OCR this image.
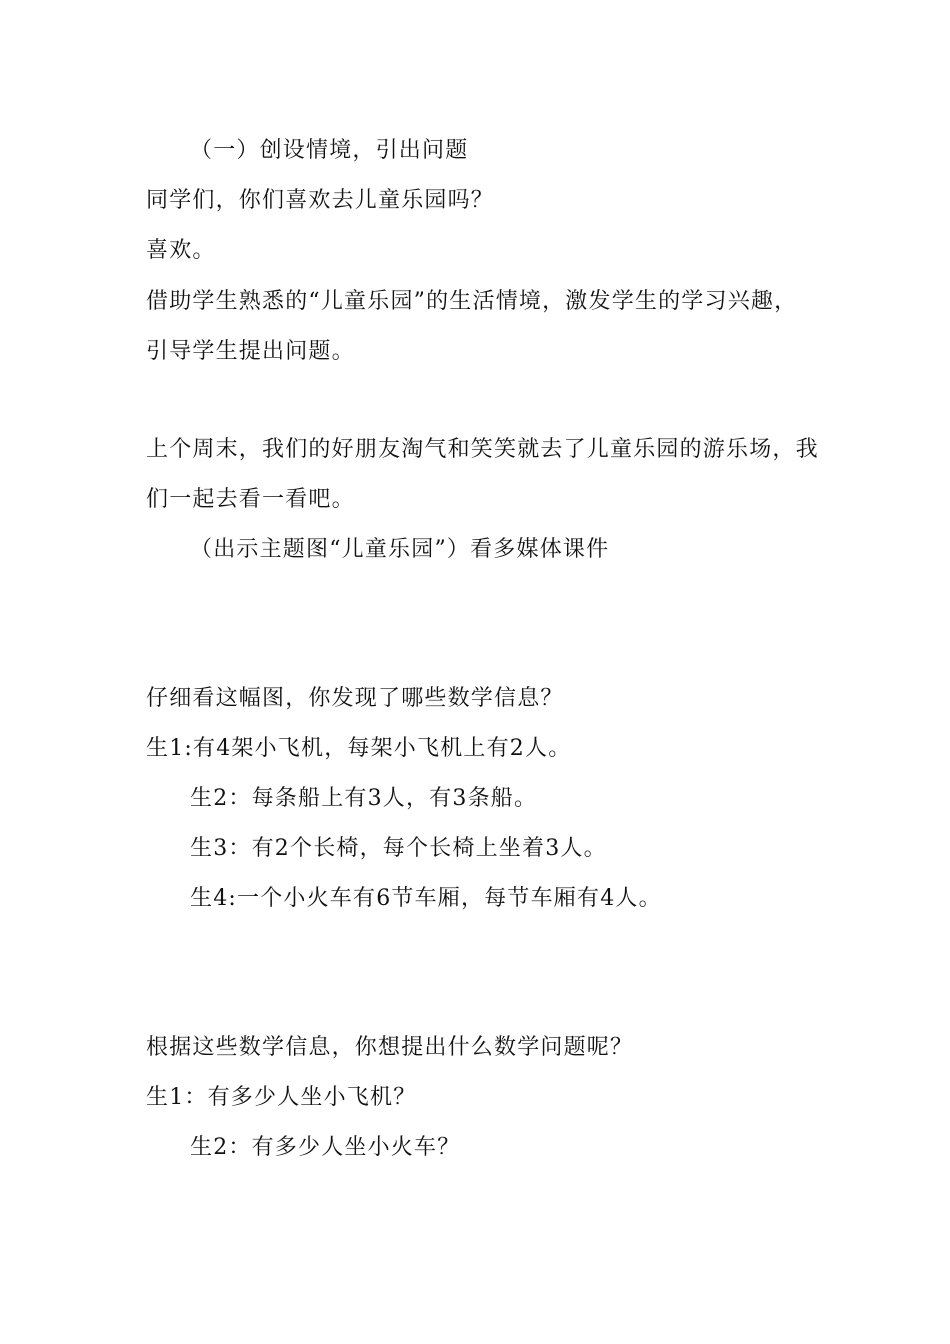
（一）创设情境，引出问题
同学们，你们喜欢去儿童乐园吗？
喜欢。
借助学生熟悉的“儿童乐园”的生活情境，激发学生的学习兴趣，
引导学生提出问题。
上个周末，我们的好朋友淘气和笑笑就去了儿童乐园的游乐场，我
们一起去看一看吧。
（出示主题图“儿童乐园”）看多媒体课件
仔细看这幅图，你发现了哪些数学信息？
生1:有4架小飞机，每架小飞机上有2人。
生2：每条船上有3人，有3条船。
生3：有2个长椅，每个长椅上坐着3人。
生4:一个小火车有6节车厢，每节车厢有4人。
根据这些数学信息，你想提出什么数学问题呢？
生1：有多少人坐小飞机？
生2：有多少人坐小火车？
